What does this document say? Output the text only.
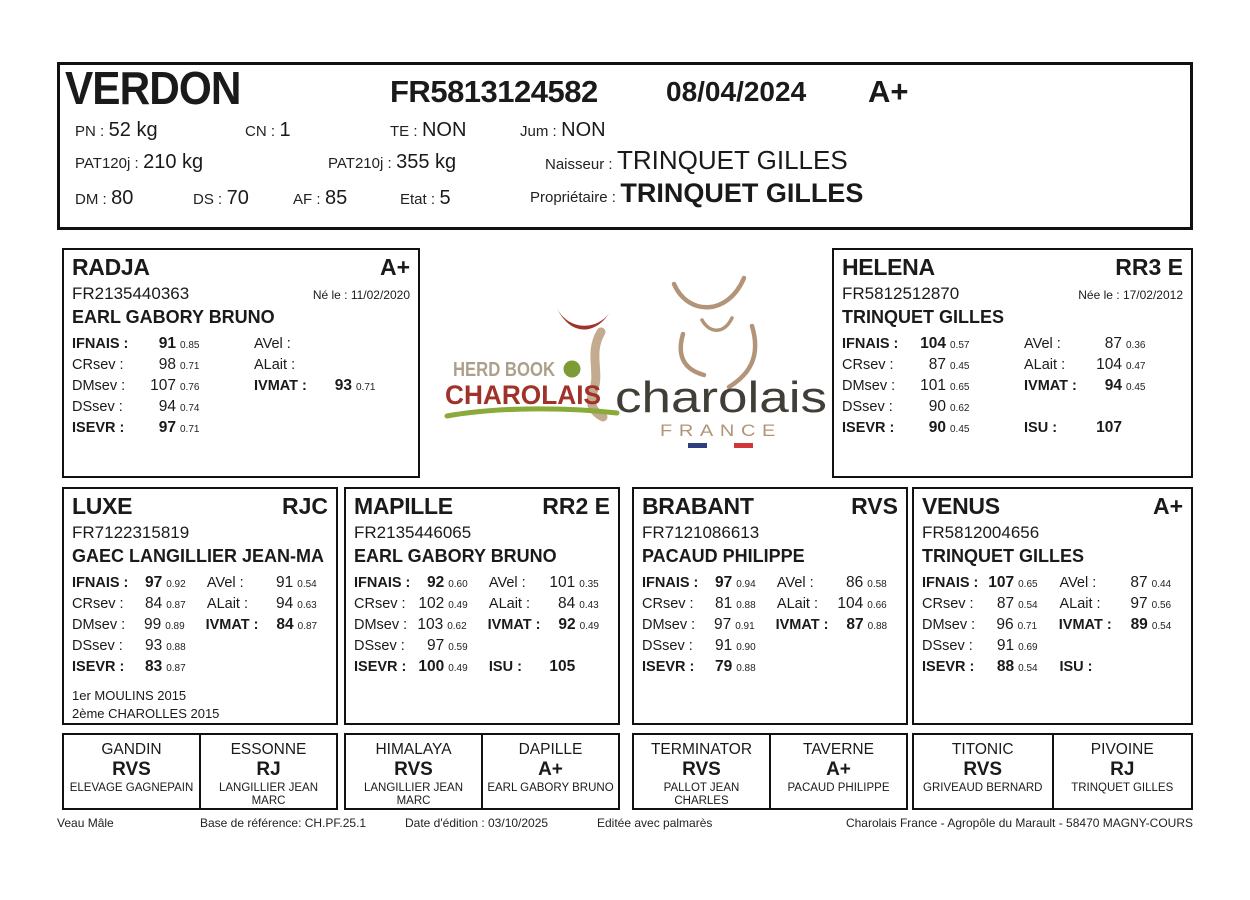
VERDON	FR5813124582 08/04/2024 A+
PN : 52 kg	CN : 1	TE : NON	Jum : NON
PAT120j : 210 kg	PAT210j : 355 kg
DM : 80	DS : 70	AF : 85	Etat : 5
Naisseur : TRINQUET GILLES
Propriétaire : TRINQUET GILLES
RADJA	A+
FR2135440363	Né le : 11/02/2020
EARL GABORY BRUNO
IFNAIS :	91 0.85	AVel :
CRsev :	98 0.71	ALait :
DMsev :	107 0.76	IVMAT :	93 0.71
DSsev :	94 0.74
ISEVR :	97 0.71
HELENA	RR3 E
FR5812512870	Née le : 17/02/2012
TRINQUET GILLES
IFNAIS :	104 0.57	AVel :	87 0.36
CRsev :	87 0.45	ALait :	104 0.47
DMsev :	101 0.65	IVMAT :	94 0.45
DSsev :	90 0.62
ISEVR :	90 0.45	ISU :	107
HERD BOOK
CHAROLAIS charolais
FRANCE
LUXE	RJC
FR7122315819
GAEC LANGILLIER JEAN-MA
IFNAIS :	97 0.92	AVel :	91 0.54
CRsev :	84 0.87	ALait :	94 0.63
DMsev :	99 0.89	IVMAT :	84 0.87
DSsev :	93 0.88
ISEVR :	83 0.87
1er MOULINS 2015
2ème CHAROLLES 2015
MAPILLE	RR2 E
FR2135446065
EARL GABORY BRUNO
IFNAIS :	92 0.60	AVel :	101 0.35
CRsev : 102 0.49	ALait :	84 0.43
DMsev : 103 0.62	IVMAT :	92 0.49
DSsev :	97 0.59
ISEVR : 100 0.49	ISU :	105
BRABANT	RVS
FR7121086613
PACAUD PHILIPPE
IFNAIS :	97 0.94	AVel :	86 0.58
CRsev :	81 0.88	ALait :	104 0.66
DMsev :	97 0.91	IVMAT :	87 0.88
DSsev :	91 0.90
ISEVR :	79 0.88
VENUS	A+
FR5812004656
TRINQUET GILLES
IFNAIS : 107 0.65	AVel :	87 0.44
CRsev :	87 0.54	ALait :	97 0.56
DMsev :	96 0.71	IVMAT :	89 0.54
DSsev :	91 0.69
ISEVR :	88 0.54	ISU :
GANDIN
RVS
ELEVAGE GAGNEPAIN
ESSONNE
RJ
LANGILLIER JEAN MARC
HIMALAYA
RVS
LANGILLIER JEAN MARC
DAPILLE
A+
EARL GABORY BRUNO
TERMINATOR
RVS
PALLOT JEAN CHARLES
TAVERNE
A+
PACAUD PHILIPPE
TITONIC
RVS
GRIVEAUD BERNARD
PIVOINE
RJ
TRINQUET GILLES
Veau Mâle	Base de référence: CH.PF.25.1	Date d'édition : 03/10/2025	Editée avec palmarès	Charolais France - Agropôle du Marault - 58470 MAGNY-COURS
